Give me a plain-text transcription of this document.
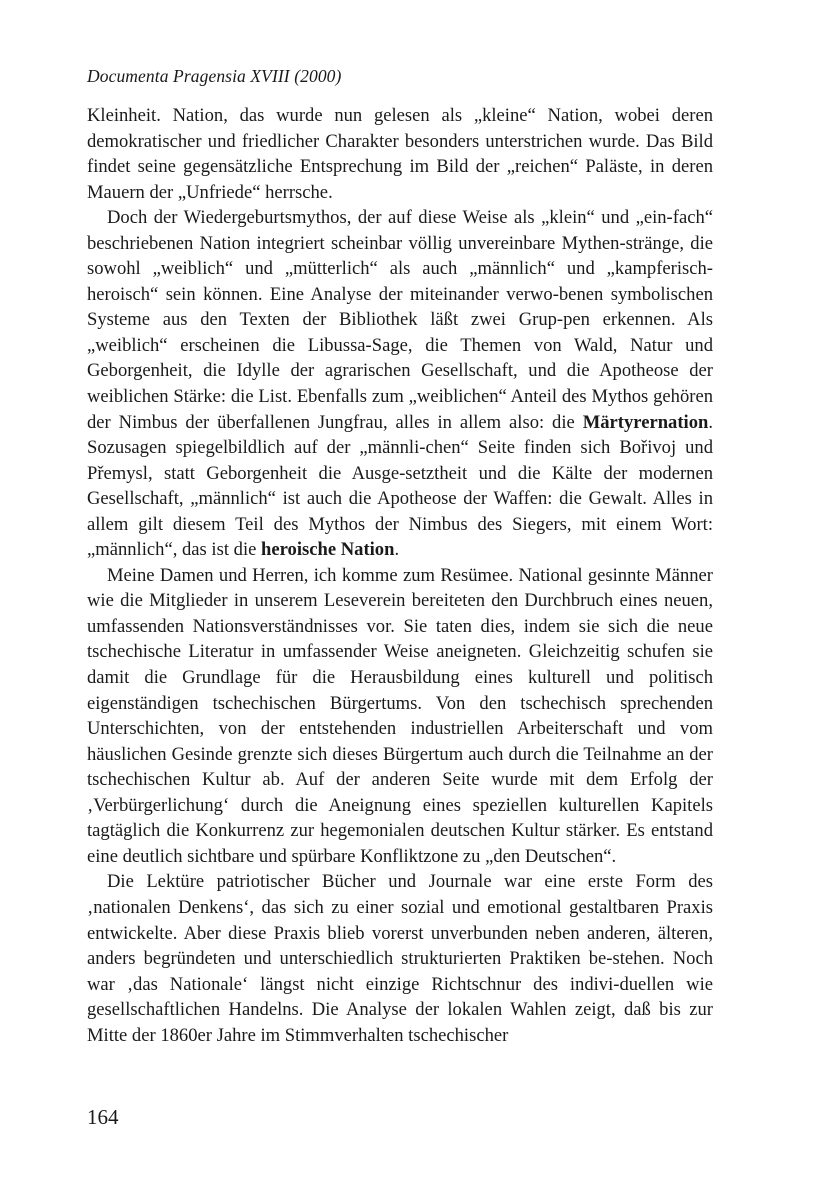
Documenta Pragensia XVIII (2000)

Kleinheit. Nation, das wurde nun gelesen als „kleine“ Nation, wobei deren demokratischer und friedlicher Charakter besonders unterstrichen wurde. Das Bild findet seine gegensätzliche Entsprechung im Bild der „reichen“ Paläste, in deren Mauern der „Unfriede“ herrsche.

Doch der Wiedergeburtsmythos, der auf diese Weise als „klein“ und „ein-fach“ beschriebenen Nation integriert scheinbar völlig unvereinbare Mythen-stränge, die sowohl „weiblich“ und „mütterlich“ als auch „männlich“ und „kampferisch-heroisch“ sein können. Eine Analyse der miteinander verwo-benen symbolischen Systeme aus den Texten der Bibliothek läßt zwei Grup-pen erkennen. Als „weiblich“ erscheinen die Libussa-Sage, die Themen von Wald, Natur und Geborgenheit, die Idylle der agrarischen Gesellschaft, und die Apotheose der weiblichen Stärke: die List. Ebenfalls zum „weiblichen“ Anteil des Mythos gehören der Nimbus der überfallenen Jungfrau, alles in allem also: die Märtyrernation. Sozusagen spiegelbildlich auf der „männli-chen“ Seite finden sich Bořivoj und Přemysl, statt Geborgenheit die Ausge-setztheit und die Kälte der modernen Gesellschaft, „männlich“ ist auch die Apotheose der Waffen: die Gewalt. Alles in allem gilt diesem Teil des Mythos der Nimbus des Siegers, mit einem Wort: „männlich“, das ist die heroische Nation.

Meine Damen und Herren, ich komme zum Resümee. National gesinnte Männer wie die Mitglieder in unserem Leseverein bereiteten den Durchbruch eines neuen, umfassenden Nationsverständnisses vor. Sie taten dies, indem sie sich die neue tschechische Literatur in umfassender Weise aneigneten. Gleichzeitig schufen sie damit die Grundlage für die Herausbildung eines kulturell und politisch eigenständigen tschechischen Bürgertums. Von den tschechisch sprechenden Unterschichten, von der entstehenden industriellen Arbeiterschaft und vom häuslichen Gesinde grenzte sich dieses Bürgertum auch durch die Teilnahme an der tschechischen Kultur ab. Auf der anderen Seite wurde mit dem Erfolg der ‚Verbürgerlichung‘ durch die Aneignung eines speziellen kulturellen Kapitels tagtäglich die Konkurrenz zur hegemonialen deutschen Kultur stärker. Es entstand eine deutlich sichtbare und spürbare Konfliktzone zu „den Deutschen“.

Die Lektüre patriotischer Bücher und Journale war eine erste Form des ‚nationalen Denkens‘, das sich zu einer sozial und emotional gestaltbaren Praxis entwickelte. Aber diese Praxis blieb vorerst unverbunden neben anderen, älteren, anders begründeten und unterschiedlich strukturierten Praktiken be-stehen. Noch war ‚das Nationale‘ längst nicht einzige Richtschnur des indivi-duellen wie gesellschaftlichen Handelns. Die Analyse der lokalen Wahlen zeigt, daß bis zur Mitte der 1860er Jahre im Stimmverhalten tschechischer

164
